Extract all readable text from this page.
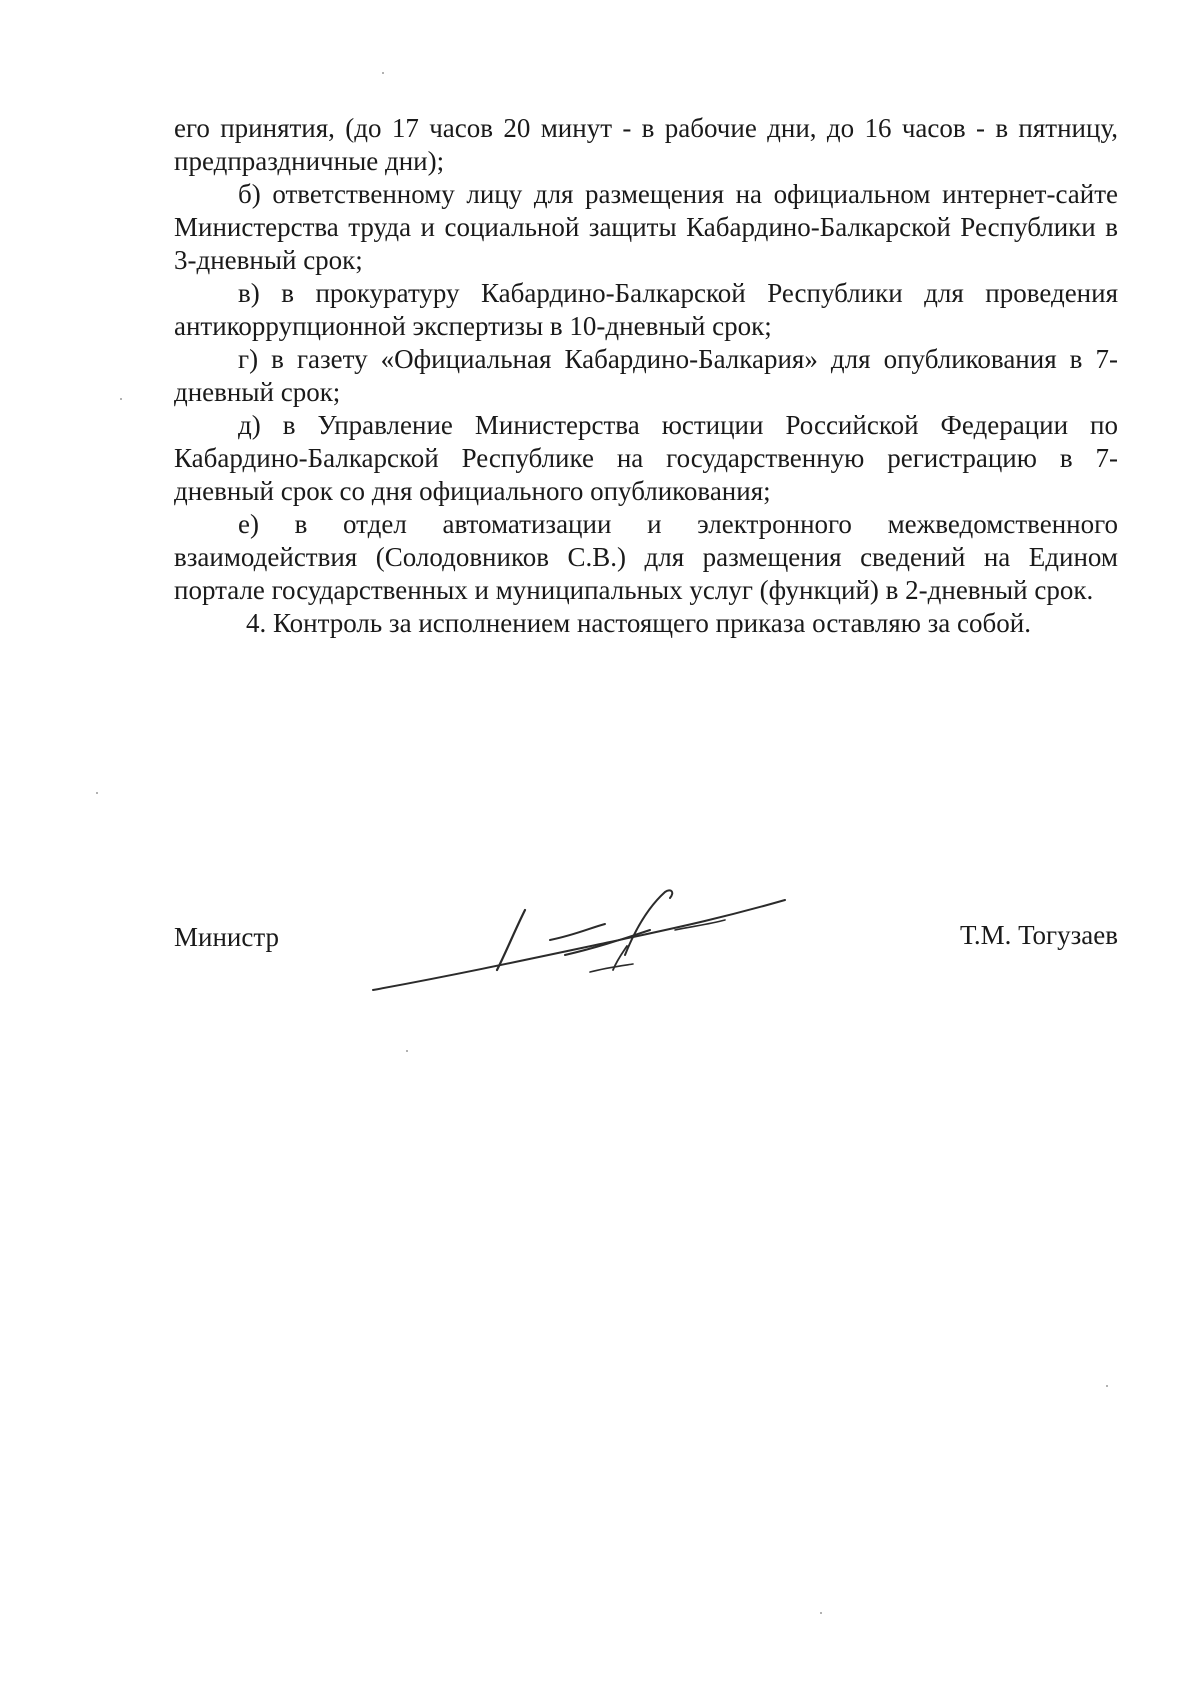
его принятия, (до 17 часов 20 минут - в рабочие дни, до 16 часов - в пятницу, предпраздничные дни);

б) ответственному лицу для размещения на официальном интернет-сайте Министерства труда и социальной защиты Кабардино-Балкарской Республики в 3-дневный срок;

в) в прокуратуру Кабардино-Балкарской Республики для проведения антикоррупционной экспертизы в 10-дневный срок;

г) в газету «Официальная Кабардино-Балкария» для опубликования в 7-дневный срок;

д) в Управление Министерства юстиции Российской Федерации по Кабардино-Балкарской Республике на государственную регистрацию в 7-дневный срок со дня официального опубликования;

е) в отдел автоматизации и электронного межведомственного взаимодействия (Солодовников С.В.) для размещения сведений на Едином портале государственных и муниципальных услуг (функций) в 2-дневный срок.

4. Контроль за исполнением настоящего приказа оставляю за собой.

Министр	Т.М. Тогузаев
